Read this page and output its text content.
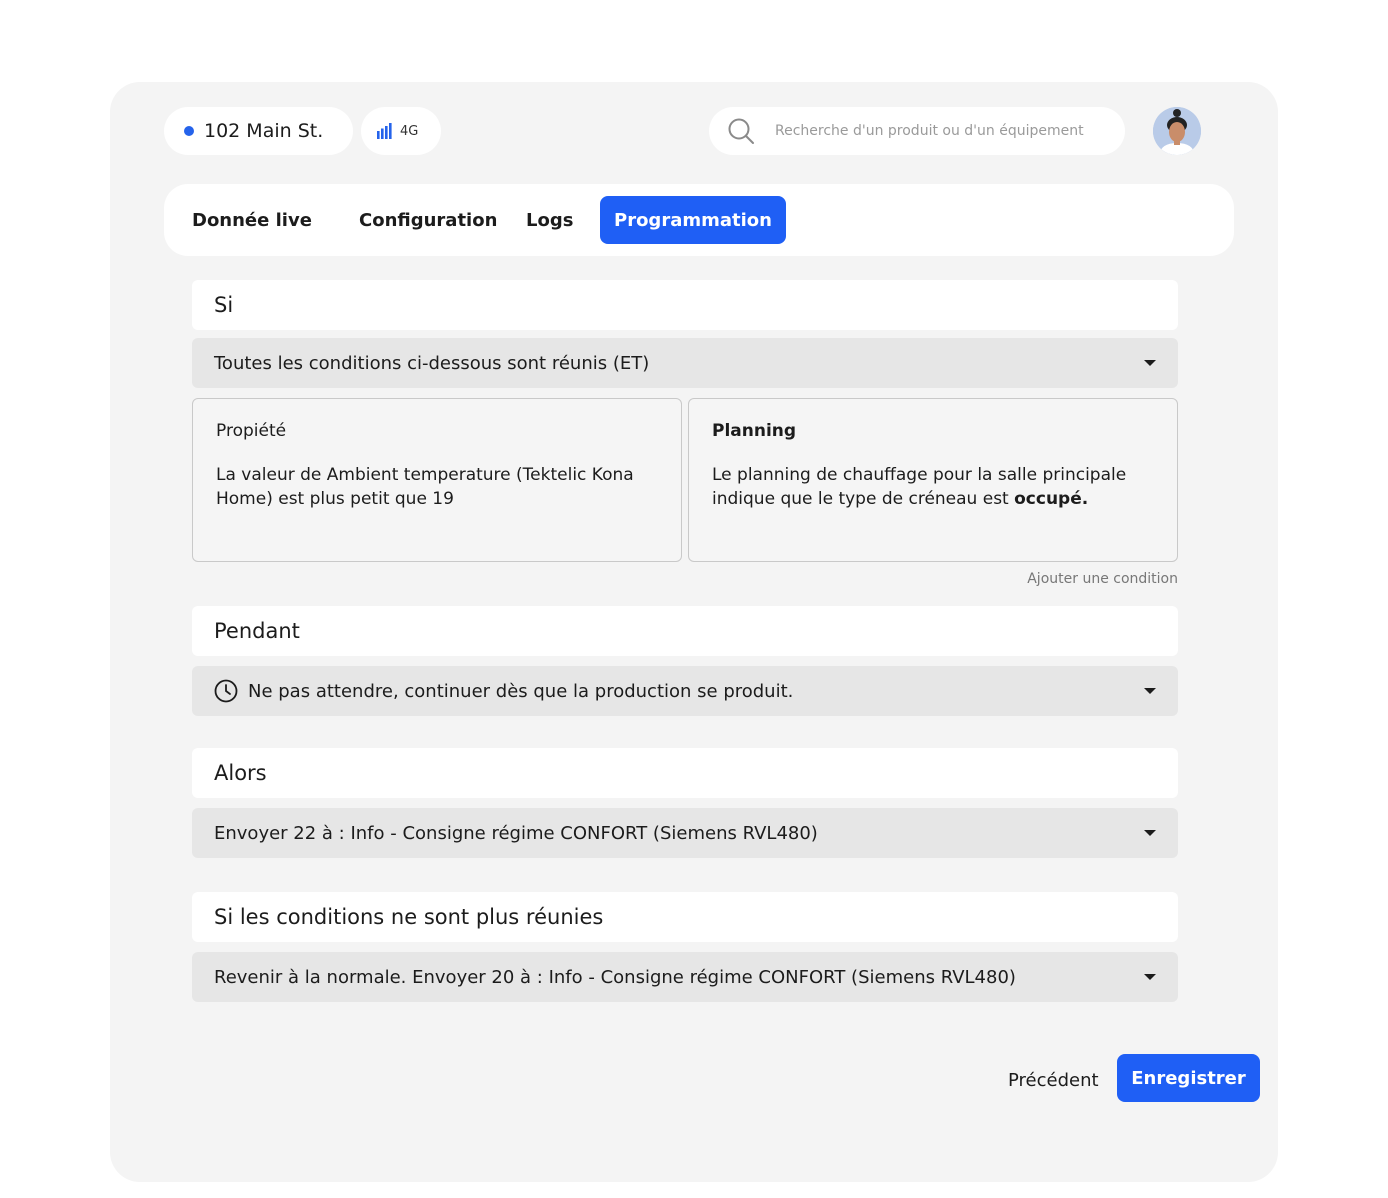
102 Main St.	4G	Recherche d'un produit ou d'un équipement
Donnée live	Configuration Logs	Programmation
Si
Toutes les conditions ci-dessous sont réunis (ET)
Propiété
La valeur de Ambient temperature (Tektelic Kona Home) est plus petit que 19
Planning
Le planning de chauffage pour la salle principale indique que le type de créneau est occupé.
Ajouter une condition
Pendant
Ne pas attendre, continuer dès que la production se produit.
Alors
Envoyer 22 à : Info - Consigne régime CONFORT (Siemens RVL480)
Si les conditions ne sont plus réunies
Revenir à la normale. Envoyer 20 à : Info - Consigne régime CONFORT (Siemens RVL480)
Précédent	Enregistrer
